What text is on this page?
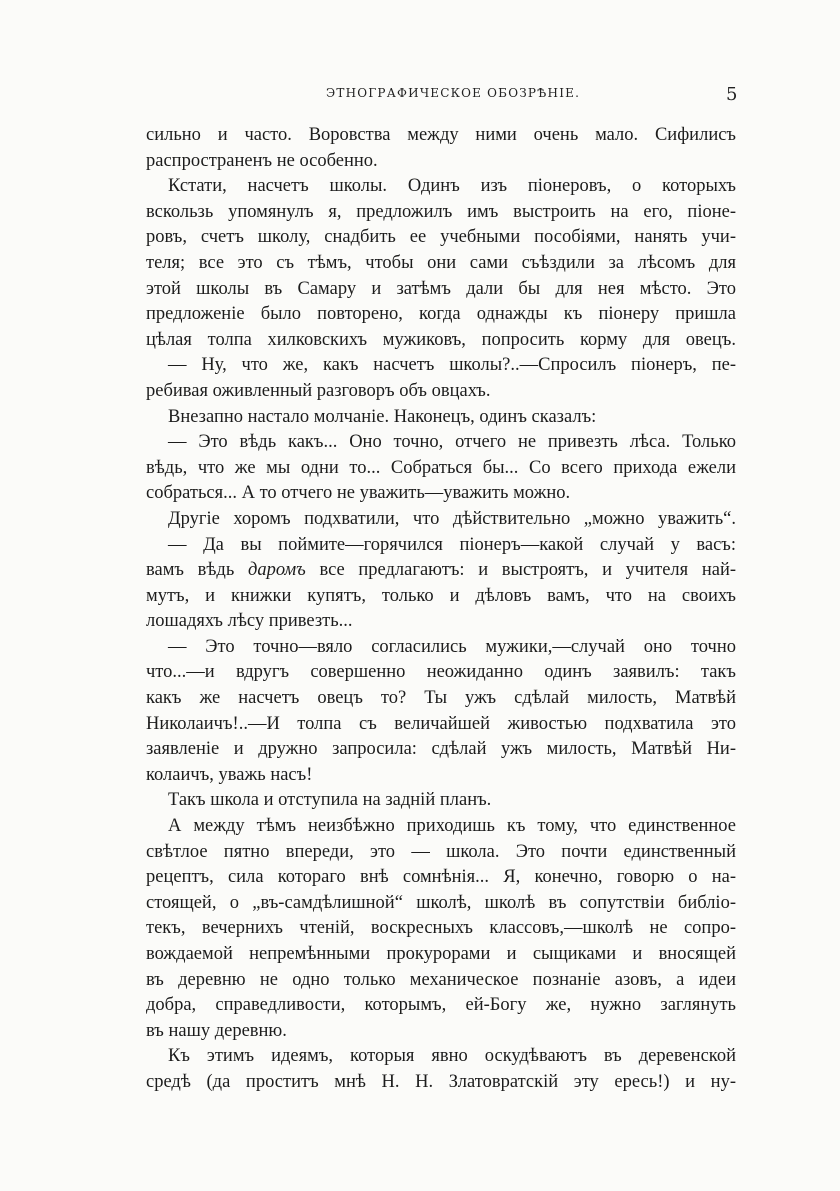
ЭТНОГРАФИЧЕСКОЕ ОБОЗРѢНІЕ.	5
сильно и часто. Воровства между ними очень мало. Сифилисъ
распространенъ не особенно.
Кстати, насчетъ школы. Одинъ изъ піонеровъ, о которыхъ
вскользь упомянулъ я, предложилъ имъ выстроить на его, піоне-
ровъ, счетъ школу, снадбить ее учебными пособіями, нанять учи-
теля; все это съ тѣмъ, чтобы они сами съѣздили за лѣсомъ для
этой школы въ Самару и затѣмъ дали бы для нея мѣсто. Это
предложеніе было повторено, когда однажды къ піонеру пришла
цѣлая толпа хилковскихъ мужиковъ, попросить корму для овецъ.
— Ну, что же, какъ насчетъ школы?..—Спросилъ піонеръ, пе-
ребивая оживленный разговоръ объ овцахъ.
Внезапно настало молчаніе. Наконецъ, одинъ сказалъ:
— Это вѣдь какъ... Оно точно, отчего не привезть лѣса. Только
вѣдь, что же мы одни то... Собраться бы... Со всего прихода ежели
собраться... А то отчего не уважить—уважить можно.
Другіе хоромъ подхватили, что дѣйствительно „можно уважить“.
— Да вы поймите—горячился піонеръ—какой случай у васъ:
вамъ вѣдь даромъ все предлагаютъ: и выстроятъ, и учителя най-
мутъ, и книжки купятъ, только и дѣловъ вамъ, что на своихъ
лошадяхъ лѣсу привезть...
— Это точно—вяло согласились мужики,—случай оно точно
что...—и вдругъ совершенно неожиданно одинъ заявилъ: такъ
какъ же насчетъ овецъ то? Ты ужъ сдѣлай милость, Матвѣй
Николаичъ!..—И толпа съ величайшей живостью подхватила это
заявленіе и дружно запросила: сдѣлай ужъ милость, Матвѣй Ни-
колаичъ, уважь насъ!
Такъ школа и отступила на заднiй планъ.
А между тѣмъ неизбѣжно приходишь къ тому, что единственное
свѣтлое пятно впереди, это — школа. Это почти единственный
рецептъ, сила котораго внѣ сомнѣнія... Я, конечно, говорю о на-
стоящей, о „въ-самдѣлишной“ школѣ, школѣ въ сопутствіи библіо-
текъ, вечернихъ чтеній, воскресныхъ классовъ,—школѣ не сопро-
вождаемой непремѣнными прокурорами и сыщиками и вносящей
въ деревню не одно только механическое познаніе азовъ, а идеи
добра, справедливости, которымъ, ей-Богу же, нужно заглянуть
въ нашу деревню.
Къ этимъ идеямъ, которыя явно оскудѣваютъ въ деревенской
средѣ (да проститъ мнѣ Н. Н. Златовратскій эту ересь!) и ну-
